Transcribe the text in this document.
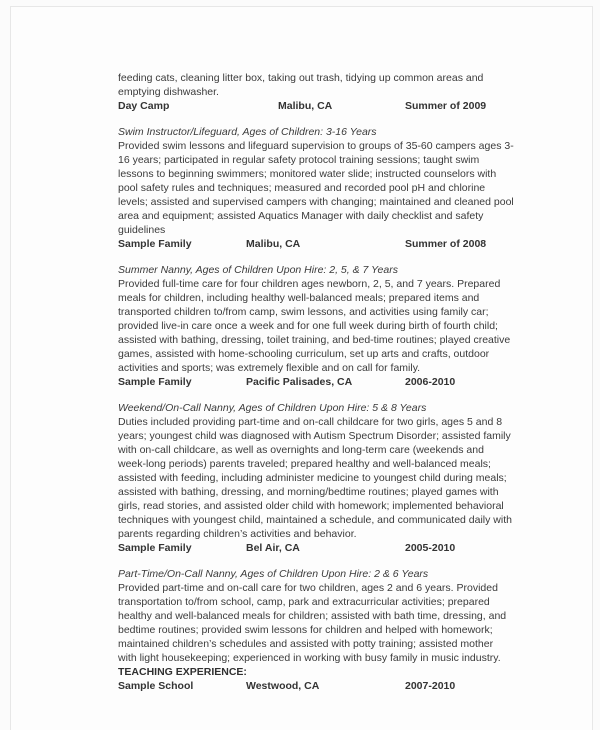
feeding cats, cleaning litter box, taking out trash, tidying up common areas and emptying dishwasher.

Day Camp	Malibu, CA	Summer of 2009

Swim Instructor/Lifeguard, Ages of Children: 3-16 Years

Provided swim lessons and lifeguard supervision to groups of 35-60 campers ages 3-16 years; participated in regular safety protocol training sessions; taught swim lessons to beginning swimmers; monitored water slide; instructed counselors with pool safety rules and techniques; measured and recorded pool pH and chlorine levels; assisted and supervised campers with changing; maintained and cleaned pool area and equipment; assisted Aquatics Manager with daily checklist and safety guidelines

Sample Family	Malibu, CA	Summer of 2008

Summer Nanny, Ages of Children Upon Hire: 2, 5, & 7 Years

Provided full-time care for four children ages newborn, 2, 5, and 7 years. Prepared meals for children, including healthy well-balanced meals; prepared items and transported children to/from camp, swim lessons, and activities using family car; provided live-in care once a week and for one full week during birth of fourth child; assisted with bathing, dressing, toilet training, and bed-time routines; played creative games, assisted with home-schooling curriculum, set up arts and crafts, outdoor activities and sports; was extremely flexible and on call for family.

Sample Family	Pacific Palisades, CA	2006-2010

Weekend/On-Call Nanny, Ages of Children Upon Hire: 5 & 8 Years

Duties included providing part-time and on-call childcare for two girls, ages 5 and 8 years; youngest child was diagnosed with Autism Spectrum Disorder; assisted family with on-call childcare, as well as overnights and long-term care (weekends and week-long periods) parents traveled; prepared healthy and well-balanced meals; assisted with feeding, including administer medicine to youngest child during meals; assisted with bathing, dressing, and morning/bedtime routines; played games with girls, read stories, and assisted older child with homework; implemented behavioral techniques with youngest child, maintained a schedule, and communicated daily with parents regarding children’s activities and behavior.

Sample Family	Bel Air, CA	2005-2010

Part-Time/On-Call Nanny, Ages of Children Upon Hire: 2 & 6 Years

Provided part-time and on-call care for two children, ages 2 and 6 years. Provided transportation to/from school, camp, park and extracurricular activities; prepared healthy and well-balanced meals for children; assisted with bath time, dressing, and bedtime routines; provided swim lessons for children and helped with homework; maintained children’s schedules and assisted with potty training; assisted mother with light housekeeping; experienced in working with busy family in music industry.

TEACHING EXPERIENCE:

Sample School	Westwood, CA	2007-2010
